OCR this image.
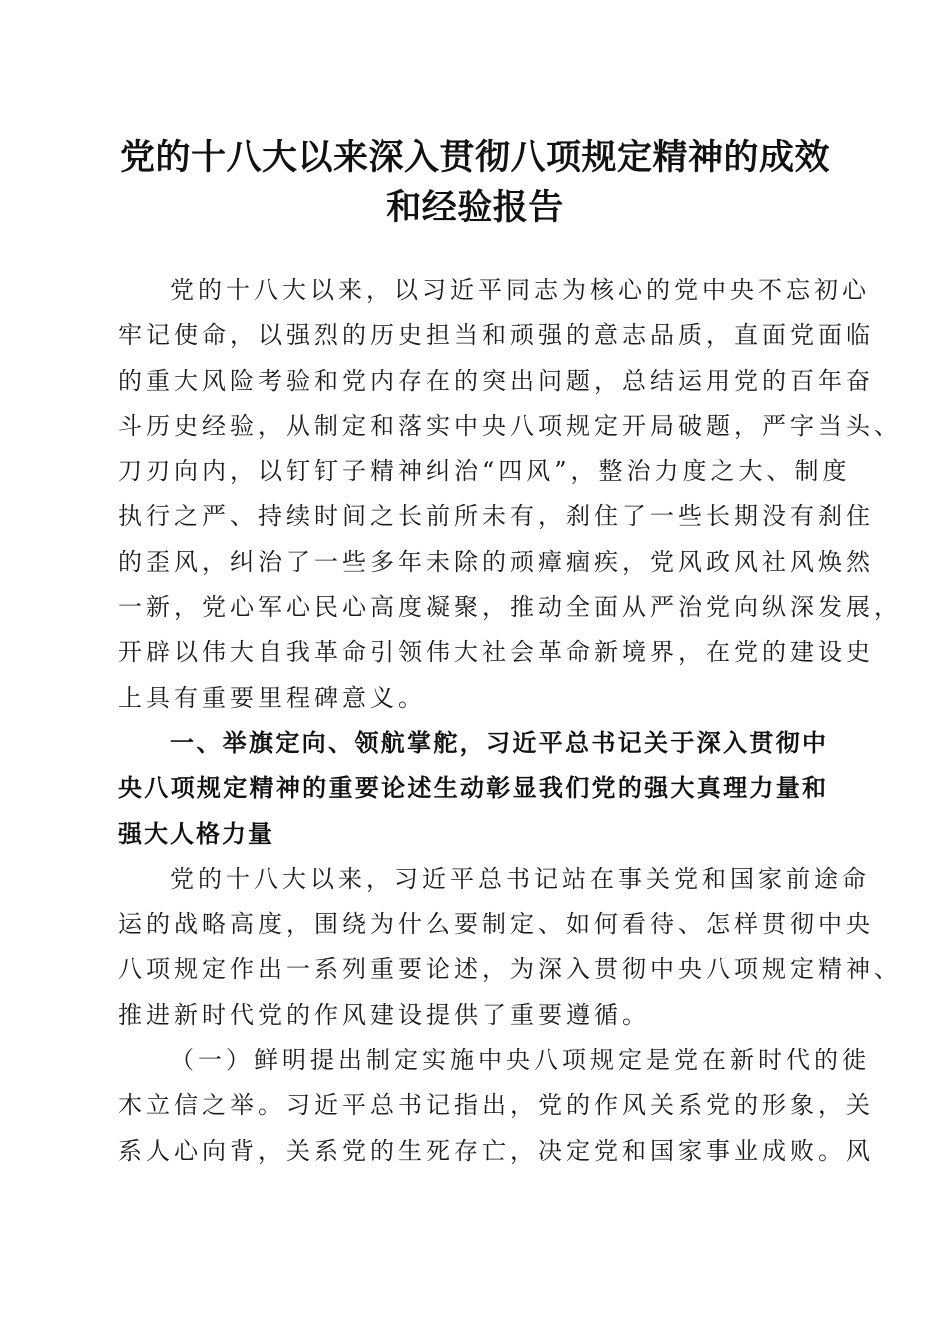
党的十八大以来深入贯彻八项规定精神的成效
和经验报告
党的十八大以来，以习近平同志为核心的党中央不忘初心
牢记使命，以强烈的历史担当和顽强的意志品质，直面党面临
的重大风险考验和党内存在的突出问题，总结运用党的百年奋
斗历史经验，从制定和落实中央八项规定开局破题，严字当头、
刀刃向内，以钉钉子精神纠治“四风”，整治力度之大、制度
执行之严、持续时间之长前所未有，刹住了一些长期没有刹住
的歪风，纠治了一些多年未除的顽瘴痼疾，党风政风社风焕然
一新，党心军心民心高度凝聚，推动全面从严治党向纵深发展，
开辟以伟大自我革命引领伟大社会革命新境界，在党的建设史
上具有重要里程碑意义。
一、举旗定向、领航掌舵，习近平总书记关于深入贯彻中
央八项规定精神的重要论述生动彰显我们党的强大真理力量和
强大人格力量
党的十八大以来，习近平总书记站在事关党和国家前途命
运的战略高度，围绕为什么要制定、如何看待、怎样贯彻中央
八项规定作出一系列重要论述，为深入贯彻中央八项规定精神、
推进新时代党的作风建设提供了重要遵循。
（一）鲜明提出制定实施中央八项规定是党在新时代的徙
木立信之举。习近平总书记指出，党的作风关系党的形象，关
系人心向背，关系党的生死存亡，决定党和国家事业成败。风
